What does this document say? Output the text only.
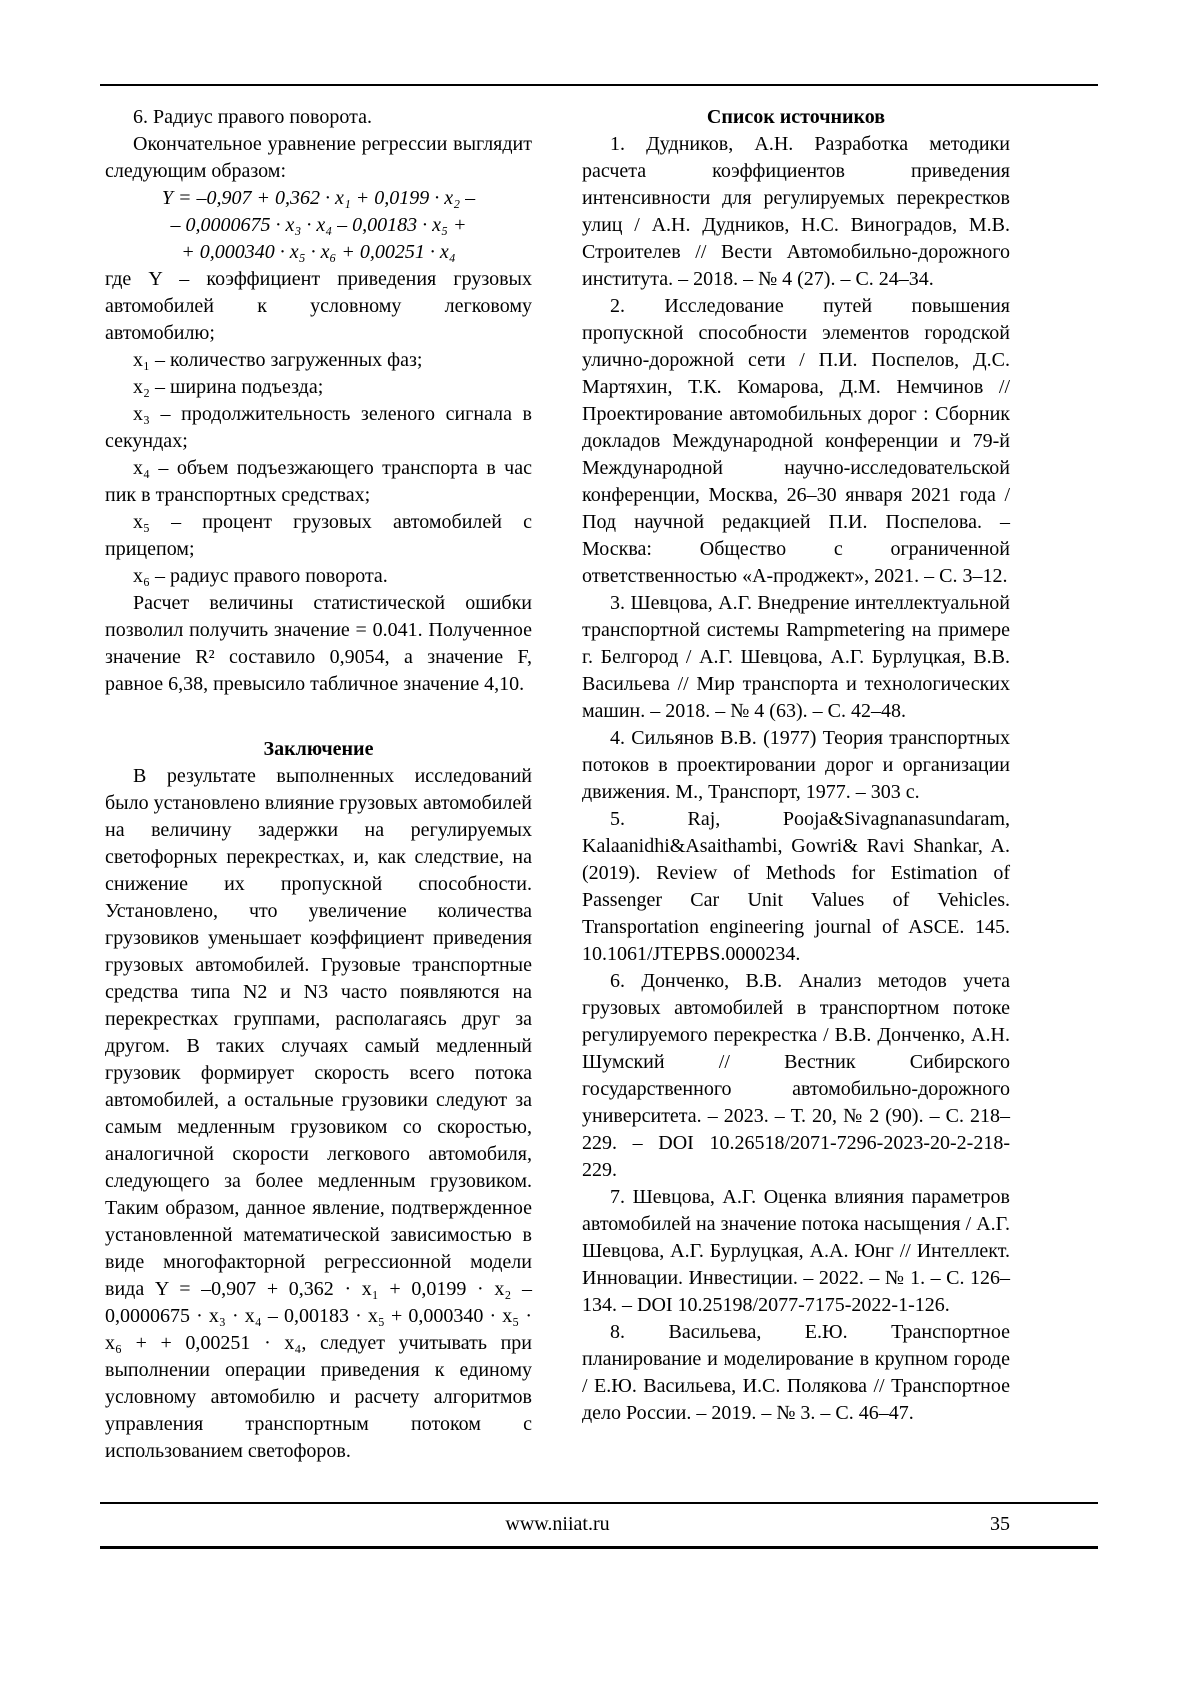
6. Радиус правого поворота.

Окончательное уравнение регрессии выглядит следующим образом:

Y = –0,907 + 0,362 · x₁ + 0,0199 · x₂ –
– 0,0000675 · x₃ · x₄ – 0,00183 · x₅ +
+ 0,000340 · x₅ · x₆ + 0,00251 · x₄

где Y – коэффициент приведения грузовых автомобилей к условному легковому автомобилю;

x₁ – количество загруженных фаз;

x₂ – ширина подъезда;

x₃ – продолжительность зеленого сигнала в секундах;

x₄ – объем подъезжающего транспорта в час пик в транспортных средствах;

x₅ – процент грузовых автомобилей с прицепом;

x₆ – радиус правого поворота.

Расчет величины статистической ошибки позволил получить значение = 0.041. Полученное значение R² составило 0,9054, а значение F, равное 6,38, превысило табличное значение 4,10.

Заключение

В результате выполненных исследований было установлено влияние грузовых автомобилей на величину задержки на регулируемых светофорных перекрестках, и, как следствие, на снижение их пропускной способности. Установлено, что увеличение количества грузовиков уменьшает коэффициент приведения грузовых автомобилей. Грузовые транспортные средства типа N2 и N3 часто появляются на перекрестках группами, располагаясь друг за другом. В таких случаях самый медленный грузовик формирует скорость всего потока автомобилей, а остальные грузовики следуют за самым медленным грузовиком со скоростью, аналогичной скорости легкового автомобиля, следующего за более медленным грузовиком. Таким образом, данное явление, подтвержденное установленной математической зависимостью в виде многофакторной регрессионной модели вида Y = –0,907 + 0,362 · x₁ + 0,0199 · x₂ – 0,0000675 · x₃ · x₄ – 0,00183 · x₅ + 0,000340 · x₅ · x₆ + + 0,00251 · x₄, следует учитывать при выполнении операции приведения к единому условному автомобилю и расчету алгоритмов управления транспортным потоком с использованием светофоров.

Список источников

1. Дудников, А.Н. Разработка методики расчета коэффициентов приведения интенсивности для регулируемых перекрестков улиц / А.Н. Дудников, Н.С. Виноградов, М.В. Строителев // Вести Автомобильно-дорожного института. – 2018. – № 4 (27). – С. 24–34.

2. Исследование путей повышения пропускной способности элементов городской улично-дорожной сети / П.И. Поспелов, Д.С. Мартяхин, Т.К. Комарова, Д.М. Немчинов // Проектирование автомобильных дорог : Сборник докладов Международной конференции и 79-й Международной научно-исследовательской конференции, Москва, 26–30 января 2021 года / Под научной редакцией П.И. Поспелова. – Москва: Общество с ограниченной ответственностью «А-проджект», 2021. – С. 3–12.

3. Шевцова, А.Г. Внедрение интеллектуальной транспортной системы Rampmetering на примере г. Белгород / А.Г. Шевцова, А.Г. Бурлуцкая, В.В. Васильева // Мир транспорта и технологических машин. – 2018. – № 4 (63). – С. 42–48.

4. Сильянов В.В. (1977) Теория транспортных потоков в проектировании дорог и организации движения. М., Транспорт, 1977. – 303 с.

5. Raj, Pooja&Sivagnanasundaram, Kalaanidhi&Asaithambi, Gowri& Ravi Shankar, A. (2019). Review of Methods for Estimation of Passenger Car Unit Values of Vehicles. Transportation engineering journal of ASCE. 145. 10.1061/JTEPBS.0000234.

6. Донченко, В.В. Анализ методов учета грузовых автомобилей в транспортном потоке регулируемого перекрестка / В.В. Донченко, А.Н. Шумский // Вестник Сибирского государственного автомобильно-дорожного университета. – 2023. – Т. 20, № 2 (90). – С. 218–229. – DOI 10.26518/2071-7296-2023-20-2-218-229.

7. Шевцова, А.Г. Оценка влияния параметров автомобилей на значение потока насыщения / А.Г. Шевцова, А.Г. Бурлуцкая, А.А. Юнг // Интеллект. Инновации. Инвестиции. – 2022. – № 1. – С. 126–134. – DOI 10.25198/2077-7175-2022-1-126.

8. Васильева, Е.Ю. Транспортное планирование и моделирование в крупном городе / Е.Ю. Васильева, И.С. Полякова // Транспортное дело России. – 2019. – № 3. – С. 46–47.

www.niiat.ru	35
